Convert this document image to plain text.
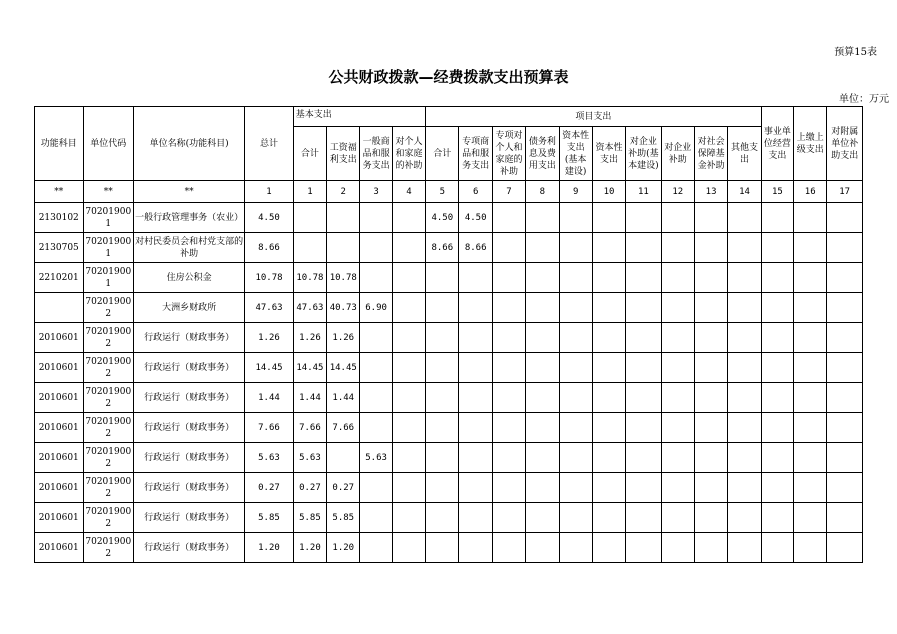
预算15表
公共财政拨款—经费拨款支出预算表
单位：万元
功能科目	单位代码	单位名称(功能科目)	总计	基本支出				项目支出										事业单位经营支出	上缴上级支出	对附属单位补助支出
				合计	工资福利支出	一般商品和服务支出	对个人和家庭的补助	合计	专项商品和服务支出	专项对个人和家庭的补助	债务利息及费用支出	资本性支出(基本建设)	资本性支出	对企业补助(基本建设)	对企业补助	对社会保障基金补助	其他支出			
**	**	**	1	1	2	3	4	5	6	7	8	9	10	11	12	13	14	15	16	17
2130102	702019001	一般行政管理事务（农业）	4.50					4.50	4.50											
2130705	702019001	对村民委员会和村党支部的补助	8.66					8.66	8.66											
2210201	702019001	住房公积金	10.78	10.78	10.78															
	702019002	大洲乡财政所	47.63	47.63	40.73	6.90														
2010601	702019002	行政运行（财政事务）	1.26	1.26	1.26															
2010601	702019002	行政运行（财政事务）	14.45	14.45	14.45															
2010601	702019002	行政运行（财政事务）	1.44	1.44	1.44															
2010601	702019002	行政运行（财政事务）	7.66	7.66	7.66															
2010601	702019002	行政运行（财政事务）	5.63	5.63		5.63														
2010601	702019002	行政运行（财政事务）	0.27	0.27	0.27															
2010601	702019002	行政运行（财政事务）	5.85	5.85	5.85															
2010601	702019002	行政运行（财政事务）	1.20	1.20	1.20															
